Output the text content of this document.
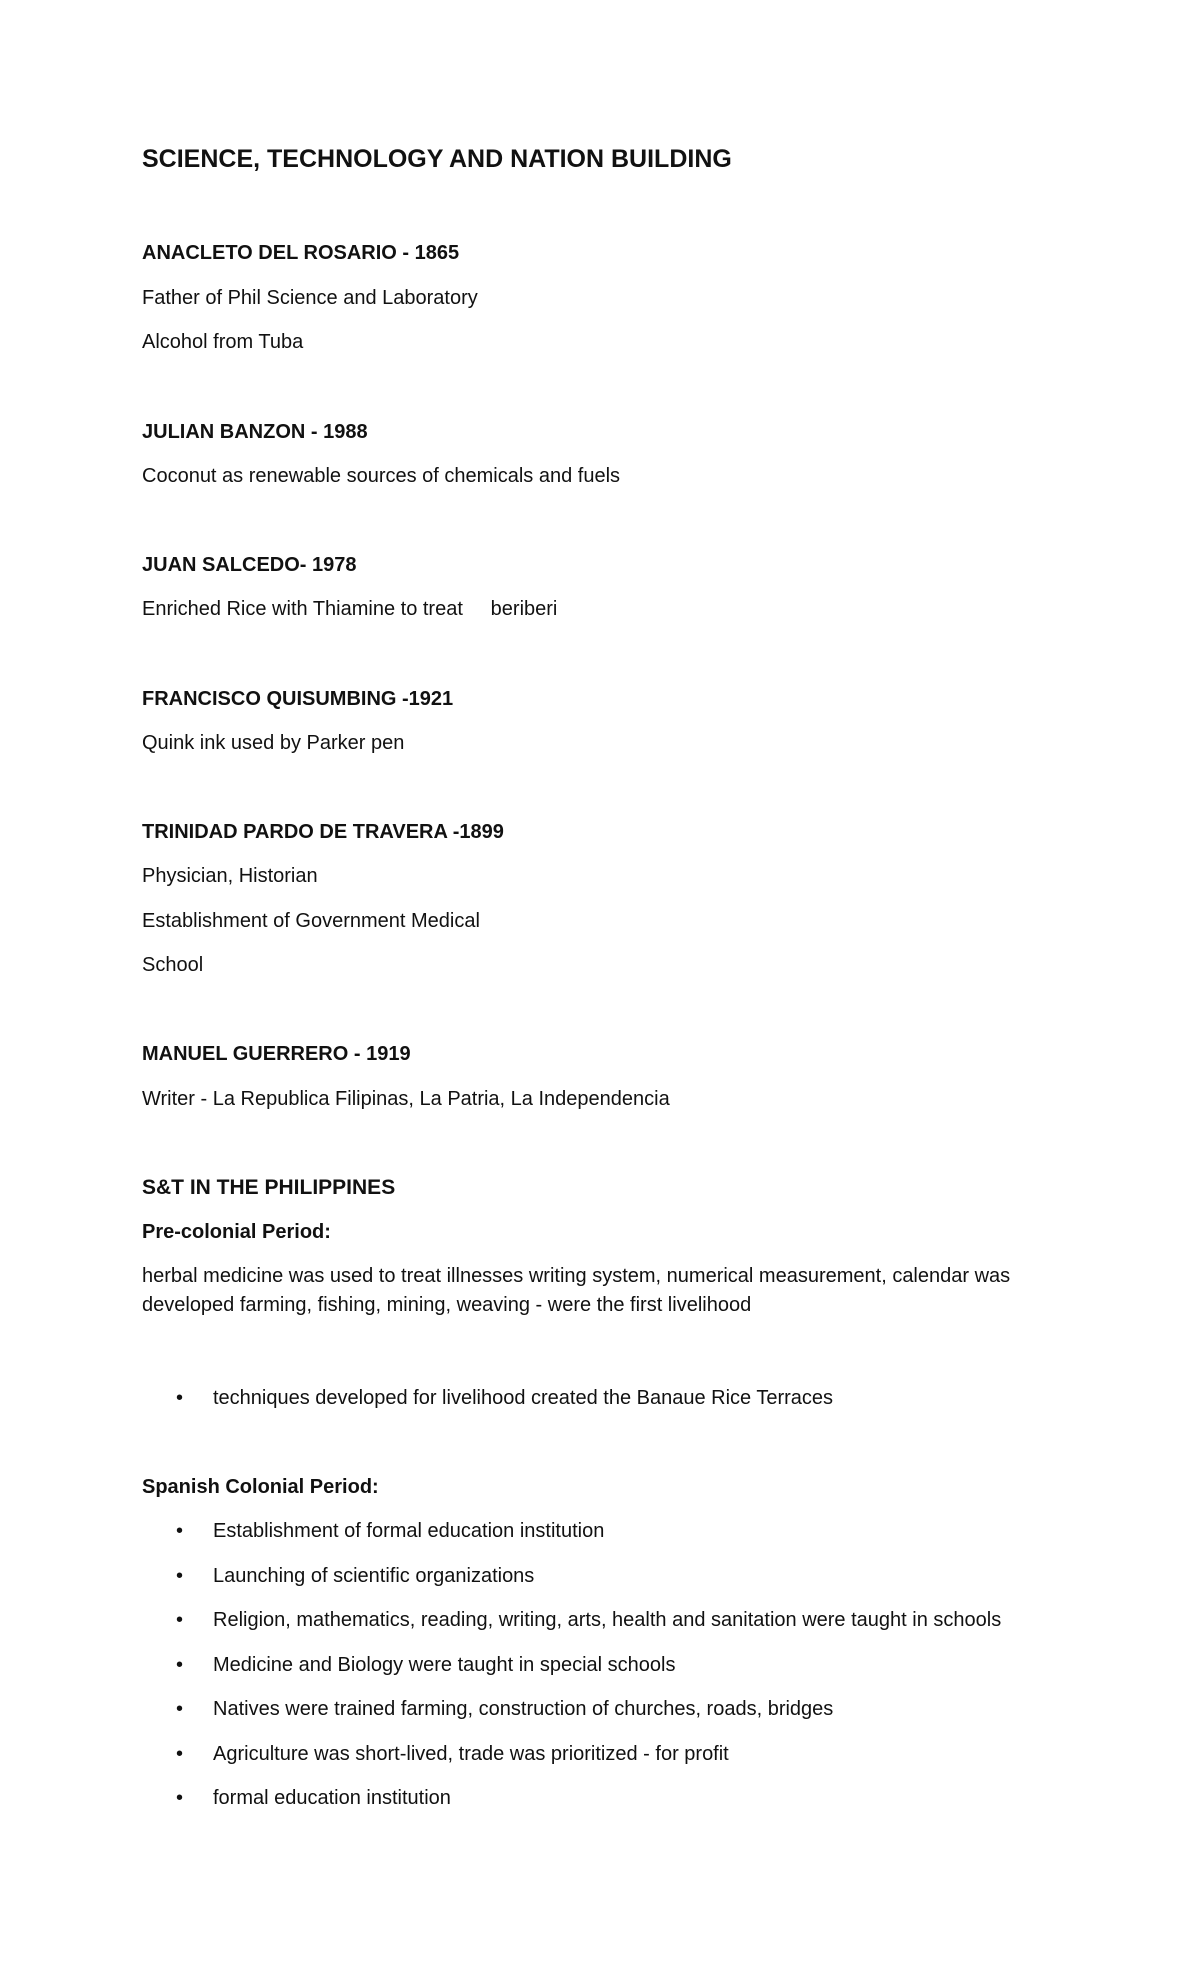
SCIENCE, TECHNOLOGY AND NATION BUILDING
ANACLETO DEL ROSARIO - 1865
Father of Phil Science and Laboratory
Alcohol from Tuba
JULIAN BANZON - 1988
Coconut as renewable sources of chemicals and fuels
JUAN SALCEDO- 1978
Enriched Rice with Thiamine to treat     beriberi
FRANCISCO QUISUMBING -1921
Quink ink used by Parker pen
TRINIDAD PARDO DE TRAVERA -1899
Physician, Historian
Establishment of Government Medical
School
MANUEL GUERRERO - 1919
Writer - La Republica Filipinas, La Patria, La Independencia
S&T IN THE PHILIPPINES
Pre-colonial Period:
herbal medicine was used to treat illnesses writing system, numerical measurement, calendar was developed farming, fishing, mining, weaving - were the first livelihood
• techniques developed for livelihood created the Banaue Rice Terraces
Spanish Colonial Period:
• Establishment of formal education institution
• Launching of scientific organizations
• Religion, mathematics, reading, writing, arts, health and sanitation were taught in schools
• Medicine and Biology were taught in special schools
• Natives were trained farming, construction of churches, roads, bridges
• Agriculture was short-lived, trade was prioritized - for profit
• formal education institution
